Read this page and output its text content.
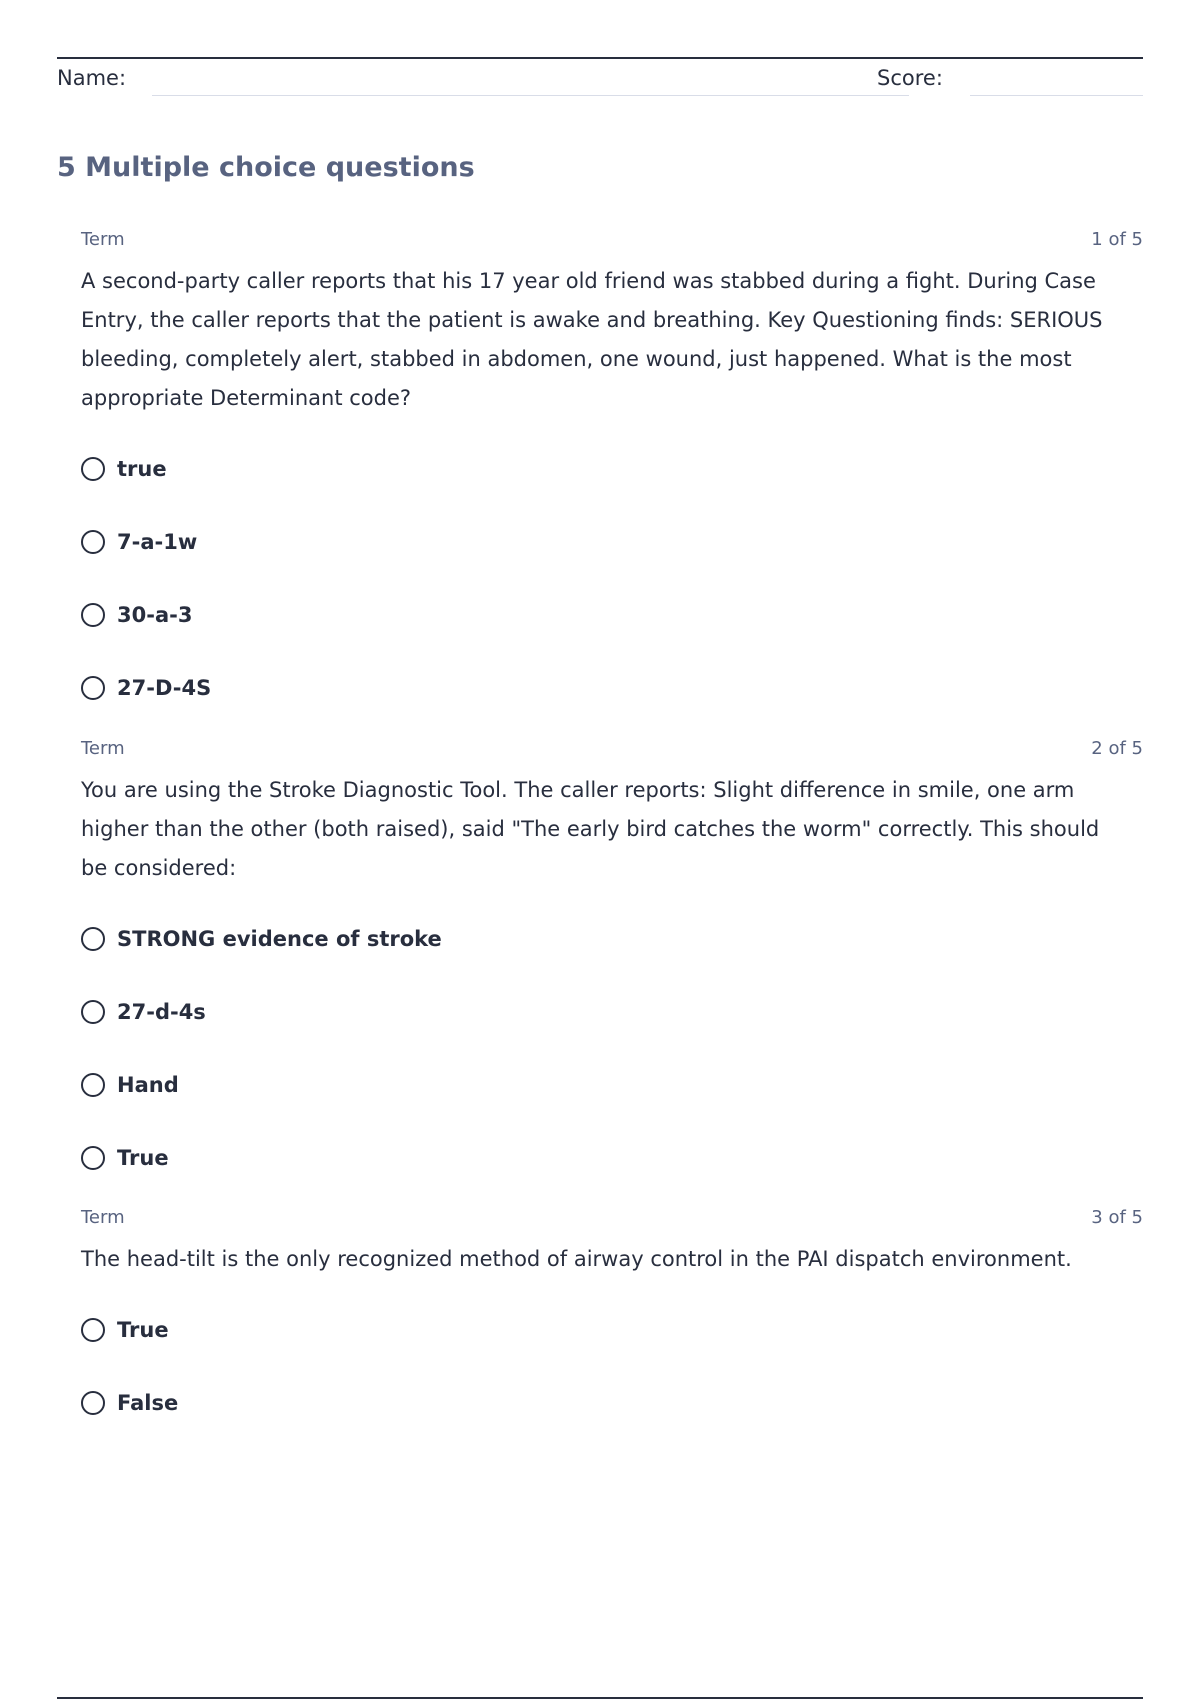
Name:	Score:
5 Multiple choice questions
Term	1 of 5

A second-party caller reports that his 17 year old friend was stabbed during a fight. During Case Entry, the caller reports that the patient is awake and breathing. Key Questioning finds: SERIOUS bleeding, completely alert, stabbed in abdomen, one wound, just happened. What is the most appropriate Determinant code?

true
7-a-1w
30-a-3
27-D-4S
Term	2 of 5

You are using the Stroke Diagnostic Tool. The caller reports: Slight difference in smile, one arm higher than the other (both raised), said "The early bird catches the worm" correctly. This should be considered:

STRONG evidence of stroke
27-d-4s
Hand
True
Term	3 of 5

The head-tilt is the only recognized method of airway control in the PAI dispatch environment.

True
False
